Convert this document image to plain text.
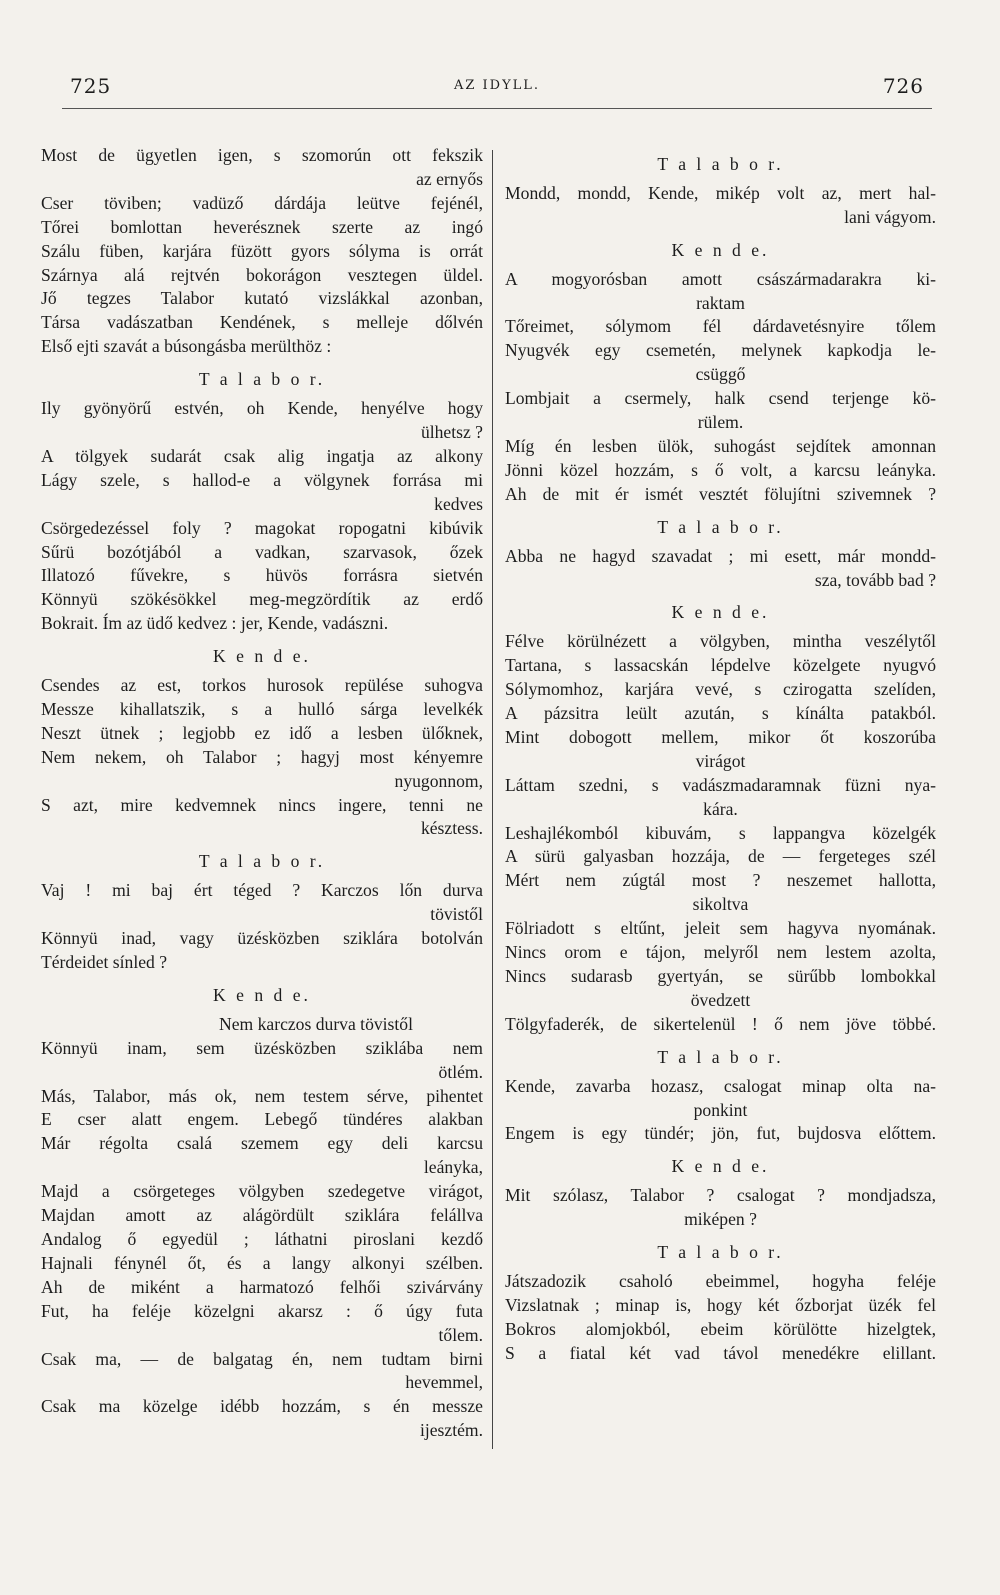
725	AZ IDYLL.	726
Most de ügyetlen igen, s szomorún ott fekszik
az ernyős
Cser töviben; vadüző dárdája leütve fejénél,
Tőrei bomlottan heverésznek szerte az ingó
Szálu füben, karjára füzött gyors sólyma is orrát
Szárnya alá rejtvén bokorágon vesztegen üldel.
Jő tegzes Talabor kutató vizslákkal azonban,
Társa vadászatban Kendének, s melleje dőlvén
Első ejti szavát a búsongásba merülthöz :
T a l a b o r.
Ily gyönyörű estvén, oh Kende, henyélve hogy
ülhetsz ?
A tölgyek sudarát csak alig ingatja az alkony
Lágy szele, s hallod-e a völgynek forrása mi
kedves
Csörgedezéssel foly ? magokat ropogatni kibúvik
Sűrü bozótjából a vadkan, szarvasok, őzek
Illatozó fűvekre, s hüvös forrásra sietvén
Könnyü szökésökkel meg-megzördítik az erdő
Bokrait. Ím az üdő kedvez : jer, Kende, vadászni.
K e n d e.
Csendes az est, torkos hurosok repülése suhogva
Messze kihallatszik, s a hulló sárga levelkék
Neszt ütnek ; legjobb ez idő a lesben ülőknek,
Nem nekem, oh Talabor ; hagyj most kényemre
nyugonnom,
S azt, mire kedvemnek nincs ingere, tenni ne
késztess.
T a l a b o r.
Vaj ! mi baj ért téged ? Karczos lőn durva
tövistől
Könnyü inad, vagy üzésközben sziklára botolván
Térdeidet sínled ?
K e n d e.
Nem karczos durva tövistől
Könnyü inam, sem üzésközben sziklába nem
ötlém.
Más, Talabor, más ok, nem testem sérve, pihentet
E cser alatt engem. Lebegő tündéres alakban
Már régolta csalá szemem egy deli karcsu
leányka,
Majd a csörgeteges völgyben szedegetve virágot,
Majdan amott az alágördült sziklára felállva
Andalog ő egyedül ; láthatni piroslani kezdő
Hajnali fénynél őt, és a langy alkonyi szélben.
Ah de miként a harmatozó felhői szivárvány
Fut, ha feléje közelgni akarsz : ő úgy futa
tőlem.
Csak ma, — de balgatag én, nem tudtam birni
hevemmel,
Csak ma közelge idébb hozzám, s én messze
ijesztém.
T a l a b o r.
Mondd, mondd, Kende, mikép volt az, mert hal-
lani vágyom.
K e n d e.
A mogyorósban amott császármadarakra ki-
raktam
Tőreimet, sólymom fél dárdavetésnyire tőlem
Nyugvék egy csemetén, melynek kapkodja le-
csüggő
Lombjait a csermely, halk csend terjenge kö-
rülem.
Míg én lesben ülök, suhogást sejdítek amonnan
Jönni közel hozzám, s ő volt, a karcsu leányka.
Ah de mit ér ismét vesztét fölujítni szivemnek ?
T a l a b o r.
Abba ne hagyd szavadat ; mi esett, már mondd-
sza, tovább bad ?
K e n d e.
Félve körülnézett a völgyben, mintha veszélytől
Tartana, s lassacskán lépdelve közelgete nyugvó
Sólymomhoz, karjára vevé, s czirogatta szelíden,
A pázsitra leült azután, s kínálta patakból.
Mint dobogott mellem, mikor őt koszorúba
virágot
Láttam szedni, s vadászmadaramnak füzni nya-
kára.
Leshajlékomból kibuvám, s lappangva közelgék
A sürü galyasban hozzája, de — fergeteges szél
Mért nem zúgtál most ? neszemet hallotta,
sikoltva
Fölriadott s eltűnt, jeleit sem hagyva nyomának.
Nincs orom e tájon, melyről nem lestem azolta,
Nincs sudarasb gyertyán, se sürűbb lombokkal
övedzett
Tölgyfaderék, de sikertelenül ! ő nem jöve többé.
T a l a b o r.
Kende, zavarba hozasz, csalogat minap olta na-
ponkint
Engem is egy tündér; jön, fut, bujdosva előttem.
K e n d e.
Mit szólasz, Talabor ? csalogat ? mondjadsza,
miképen ?
T a l a b o r.
Játszadozik csaholó ebeimmel, hogyha feléje
Vizslatnak ; minap is, hogy két őzborjat üzék fel
Bokros alomjokból, ebeim körülötte hizelgtek,
S a fiatal két vad távol menedékre elillant.
